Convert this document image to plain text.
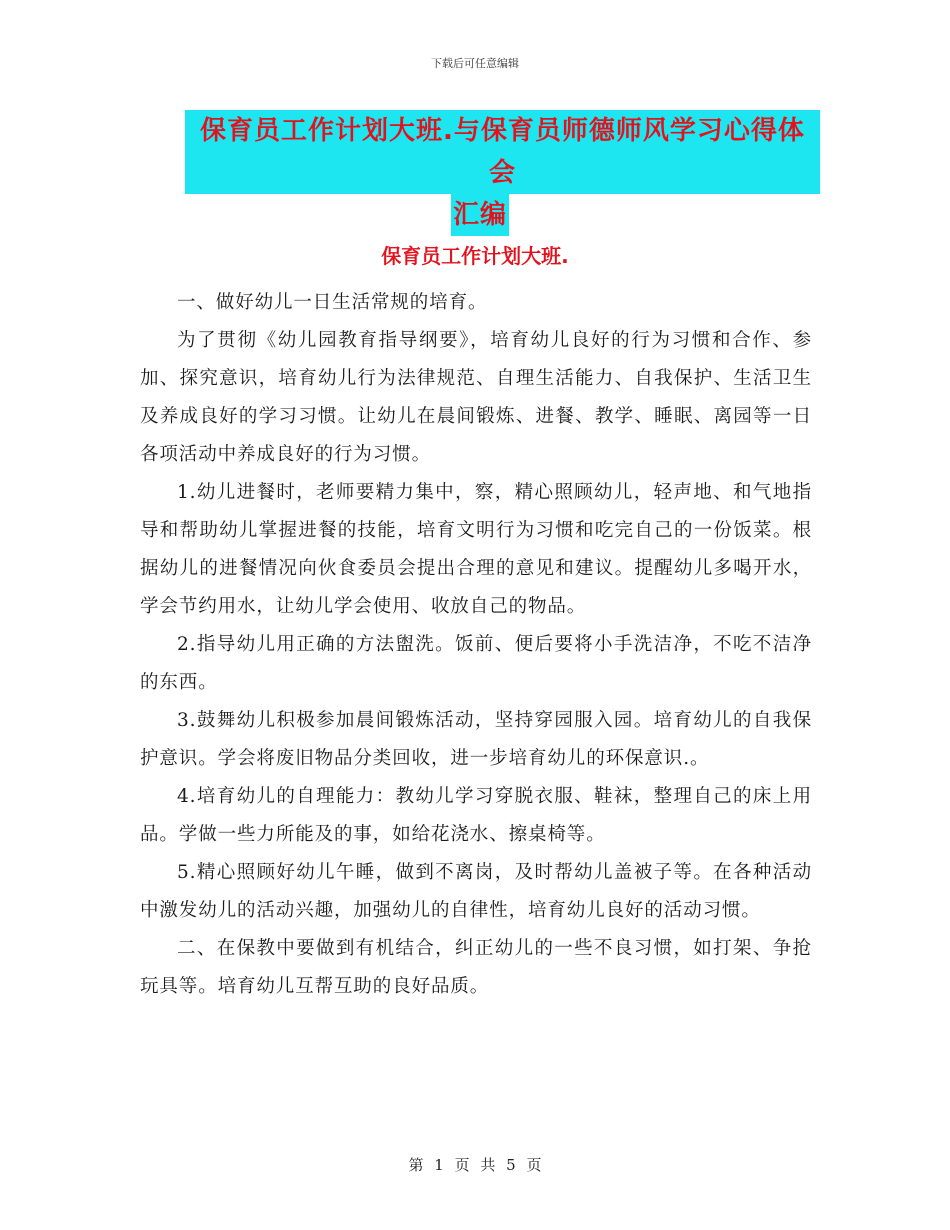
下载后可任意编辑
保育员工作计划大班.与保育员师德师风学习心得体会
汇编
保育员工作计划大班.

一、做好幼儿一日生活常规的培育。

为了贯彻《幼儿园教育指导纲要》，培育幼儿良好的行为习惯和合作、参加、探究意识，培育幼儿行为法律规范、自理生活能力、自我保护、生活卫生及养成良好的学习习惯。让幼儿在晨间锻炼、进餐、教学、睡眠、离园等一日各项活动中养成良好的行为习惯。

1.幼儿进餐时，老师要精力集中，察，精心照顾幼儿，轻声地、和气地指导和帮助幼儿掌握进餐的技能，培育文明行为习惯和吃完自己的一份饭菜。根据幼儿的进餐情况向伙食委员会提出合理的意见和建议。提醒幼儿多喝开水，学会节约用水，让幼儿学会使用、收放自己的物品。

2.指导幼儿用正确的方法盥洗。饭前、便后要将小手洗洁净，不吃不洁净的东西。

3.鼓舞幼儿积极参加晨间锻炼活动，坚持穿园服入园。培育幼儿的自我保护意识。学会将废旧物品分类回收，进一步培育幼儿的环保意识.。

4.培育幼儿的自理能力：教幼儿学习穿脱衣服、鞋袜，整理自己的床上用品。学做一些力所能及的事，如给花浇水、擦桌椅等。

5.精心照顾好幼儿午睡，做到不离岗，及时帮幼儿盖被子等。在各种活动中激发幼儿的活动兴趣，加强幼儿的自律性，培育幼儿良好的活动习惯。

二、在保教中要做到有机结合，纠正幼儿的一些不良习惯，如打架、争抢玩具等。培育幼儿互帮互助的良好品质。

第 1 页 共 5 页
